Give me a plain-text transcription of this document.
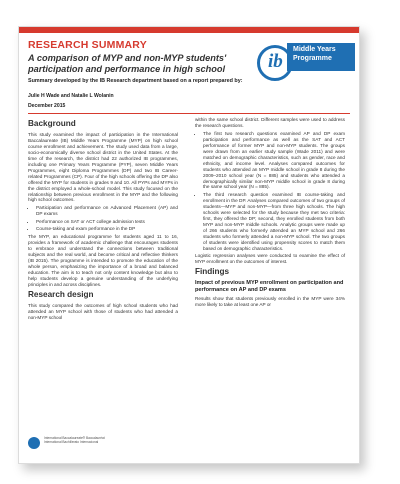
RESEARCH SUMMARY
A comparison of MYP and non-MYP students' participation and performance in high school
Summary developed by the IB Research department based on a report prepared by:
Julie H Wade and Natalie L Wolanin
December 2015
ib
Middle Years
Programme
Background

This study examined the impact of participation in the International Baccalaureate (IB) Middle Years Programme (MYP) on high school course enrollment and achievement. The study used data from a large, socio-economically diverse school district in the United States. At the time of the research, the district had 22 authorized IB programmes, including one Primary Years Programme (PYP), seven Middle Years Programmes, eight Diploma Programmes (DP) and two IB Career-related Programmes (CP). Four of the high schools offering the DP also offered the MYP for students in grades 9 and 10. All PYPs and MYPs in the district employed a whole-school model. This study focused on the relationship between previous enrollment in the MYP and the following high school outcomes.

• Participation and performance on Advanced Placement (AP) and DP exams
• Performance on SAT or ACT college admission tests
• Course-taking and exam performance in the DP

The MYP, an educational programme for students aged 11 to 16, provides a framework of academic challenge that encourages students to embrace and understand the connections between traditional subjects and the real world, and become critical and reflective thinkers (IB 2015). The programme is intended to promote the education of the whole person, emphasizing the importance of a broad and balanced education. The aim is to teach not only content knowledge but also to help students develop a genuine understanding of the underlying principles in and across disciplines.

Research design

This study compared the outcomes of high school students who had attended an MYP school with those of students who had attended a non-MYP school

within the same school district. Different samples were used to address the research questions.

• The first two research questions examined AP and DP exam participation and performance as well as the SAT and ACT performance of former MYP and non-MYP students. The groups were drawn from an earlier study sample (Wade 2011) and were matched on demographic characteristics, such as gender, race and ethnicity, and income level. Analyses compared outcomes for students who attended an MYP middle school in grade 8 during the 2009–2010 school year (N = 885) and students who attended a demographically similar non-MYP middle school in grade 8 during the same school year (N = 885).
• The third research question examined IB course-taking and enrollment in the DP. Analyses compared outcomes of two groups of students—MYP and non-MYP—from three high schools. The high schools were selected for the study because they met two criteria: first, they offered the DP; second, they enrolled students from both MYP and non-MYP middle schools. Analytic groups were made up of 266 students who formerly attended an MYP school and 266 students who formerly attended a non-MYP school. The two groups of students were identified using propensity scores to match them based on demographic characteristics.

Logistic regression analyses were conducted to examine the effect of MYP enrollment on the outcomes of interest.

Findings
Impact of previous MYP enrollment on participation and performance on AP and DP exams

Results show that students previously enrolled in the MYP were 34% more likely to take at least one AP or

International Baccalaureate® Baccalauréat International Bachillerato Internacional
